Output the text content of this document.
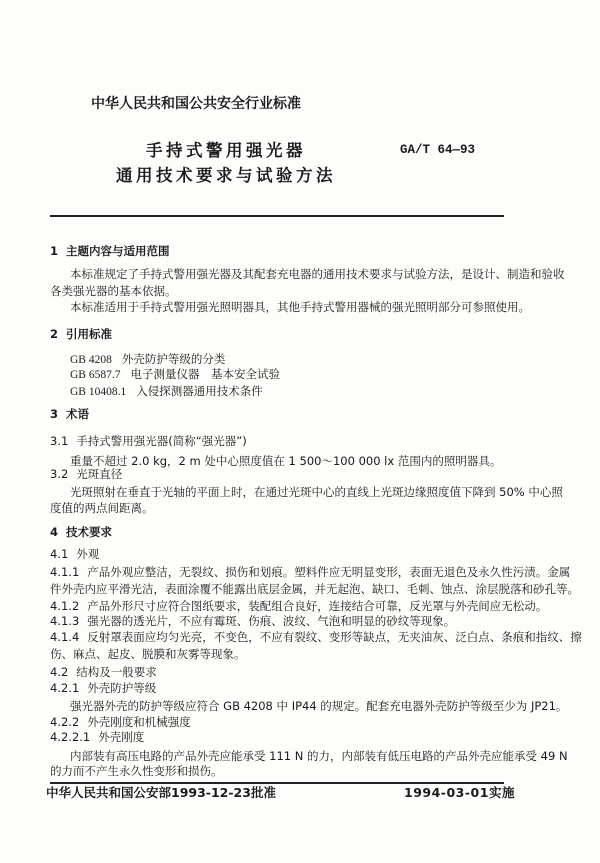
中华人民共和国公共安全行业标准
手持式警用强光器
通用技术要求与试验方法
GA/T 64—93
1 主题内容与适用范围
本标准规定了手持式警用强光器及其配套充电器的通用技术要求与试验方法，是设计、制造和验收
各类强光器的基本依据。
本标准适用于手持式警用强光照明器具，其他手持式警用器械的强光照明部分可参照使用。
2 引用标准
GB 4208 外壳防护等级的分类
GB 6587.7 电子测量仪器　基本安全试验
GB 10408.1 入侵探测器通用技术条件
3 术语
3.1 手持式警用强光器(简称“强光器”)
重量不超过 2.0 kg，2 m 处中心照度值在 1 500～100 000 lx 范围内的照明器具。
3.2 光斑直径
光斑照射在垂直于光轴的平面上时，在通过光斑中心的直线上光斑边缘照度值下降到 50% 中心照
度值的两点间距离。
4 技术要求
4.1 外观
4.1.1 产品外观应整洁，无裂纹、损伤和划痕。塑料件应无明显变形，表面无退色及永久性污渍。金属
件外壳内应平滑光洁，表面涂覆不能露出底层金属，并无起泡、缺口、毛刺、蚀点、涂层脱落和砂孔等。
4.1.2 产品外形尺寸应符合图纸要求，装配组合良好，连接结合可靠，反光罩与外壳间应无松动。
4.1.3 强光器的透光片，不应有霉斑、伤痕、波纹、气泡和明显的砂纹等现象。
4.1.4 反射罩表面应均匀光亮，不变色，不应有裂纹、变形等缺点，无夹油灰、泛白点、条痕和指纹、擦
伤、麻点、起皮、脱膜和灰雾等现象。
4.2 结构及一般要求
4.2.1 外壳防护等级
强光器外壳的防护等级应符合 GB 4208 中 IP44 的规定。配套充电器外壳防护等级至少为 JP21。
4.2.2 外壳刚度和机械强度
4.2.2.1 外壳刚度
内部装有高压电路的产品外壳应能承受 111 N 的力，内部装有低压电路的产品外壳应能承受 49 N
的力而不产生永久性变形和损伤。
中华人民共和国公安部1993-12-23批准	1994-03-01实施
